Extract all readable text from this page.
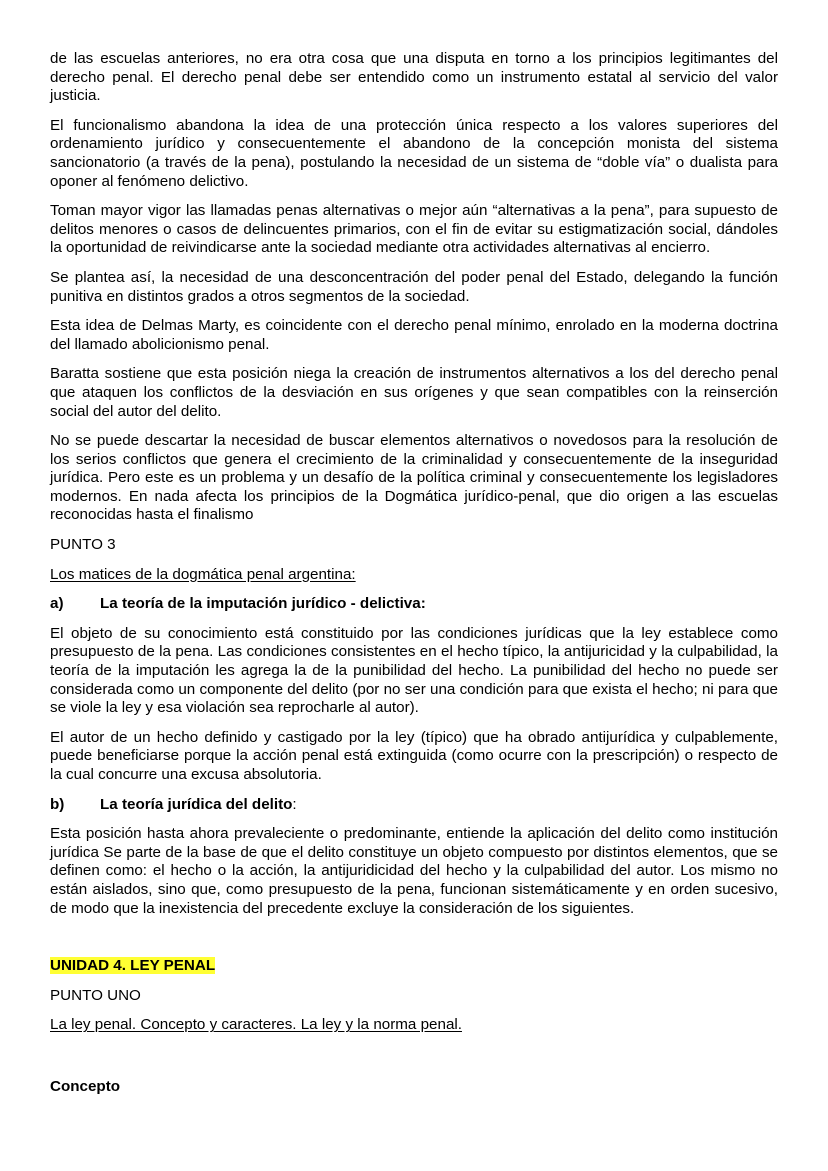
de las escuelas anteriores, no era otra cosa que una disputa en torno a los principios legitimantes del derecho penal. El derecho penal debe ser entendido como un instrumento estatal al servicio del valor justicia.

El funcionalismo abandona la idea de una protección única respecto a los valores superiores del ordenamiento jurídico y consecuentemente el abandono de la concepción monista del sistema sancionatorio (a través de la pena), postulando la necesidad de un sistema de “doble vía” o dualista para oponer al fenómeno delictivo.

Toman mayor vigor las llamadas penas alternativas o mejor aún “alternativas a la pena”, para supuesto de delitos menores o casos de delincuentes primarios, con el fin de evitar su estigmatización social, dándoles la oportunidad de reivindicarse ante la sociedad mediante otra actividades alternativas al encierro.

Se plantea así, la necesidad de una desconcentración del poder penal del Estado, delegando la función punitiva en distintos grados a otros segmentos de la sociedad.

Esta idea de Delmas Marty, es coincidente con el derecho penal mínimo, enrolado en la moderna doctrina del llamado abolicionismo penal.

Baratta sostiene que esta posición niega la creación de instrumentos alternativos a los del derecho penal que ataquen los conflictos de la desviación en sus orígenes y que sean compatibles con la reinserción social del autor del delito.

No se puede descartar la necesidad de buscar elementos alternativos o novedosos para la resolución de los serios conflictos que genera el crecimiento de la criminalidad y consecuentemente de la inseguridad jurídica. Pero este es un problema y un desafío de la política criminal y consecuentemente los legisladores modernos. En nada afecta los principios de la Dogmática jurídico-penal, que dio origen a las escuelas reconocidas hasta el finalismo

PUNTO 3

Los matices de la dogmática penal argentina:

a)	La teoría de la imputación jurídico - delictiva:

El objeto de su conocimiento está constituido por las condiciones jurídicas que la ley establece como presupuesto de la pena. Las condiciones consistentes en el hecho típico, la antijuricidad y la culpabilidad, la teoría de la imputación les agrega la de la punibilidad del hecho. La punibilidad del hecho no puede ser considerada como un componente del delito (por no ser una condición para que exista el hecho; ni para que se viole la ley y esa violación sea reprocharle al autor).

El autor de un hecho definido y castigado por la ley (típico) que ha obrado antijurídica y culpablemente, puede beneficiarse porque la acción penal está extinguida (como ocurre con la prescripción) o respecto de la cual concurre una excusa absolutoria.

b)	La teoría jurídica del delito:

Esta posición hasta ahora prevaleciente o predominante, entiende la aplicación del delito como institución jurídica Se parte de la base de que el delito constituye un objeto compuesto por distintos elementos, que se definen como: el hecho o la acción, la antijuridicidad del hecho y la culpabilidad del autor. Los mismo no están aislados, sino que, como presupuesto de la pena, funcionan sistemáticamente y en orden sucesivo, de modo que la inexistencia del precedente excluye la consideración de los siguientes.

UNIDAD 4. LEY PENAL

PUNTO UNO

La ley penal. Concepto y caracteres. La ley y la norma penal.

Concepto
